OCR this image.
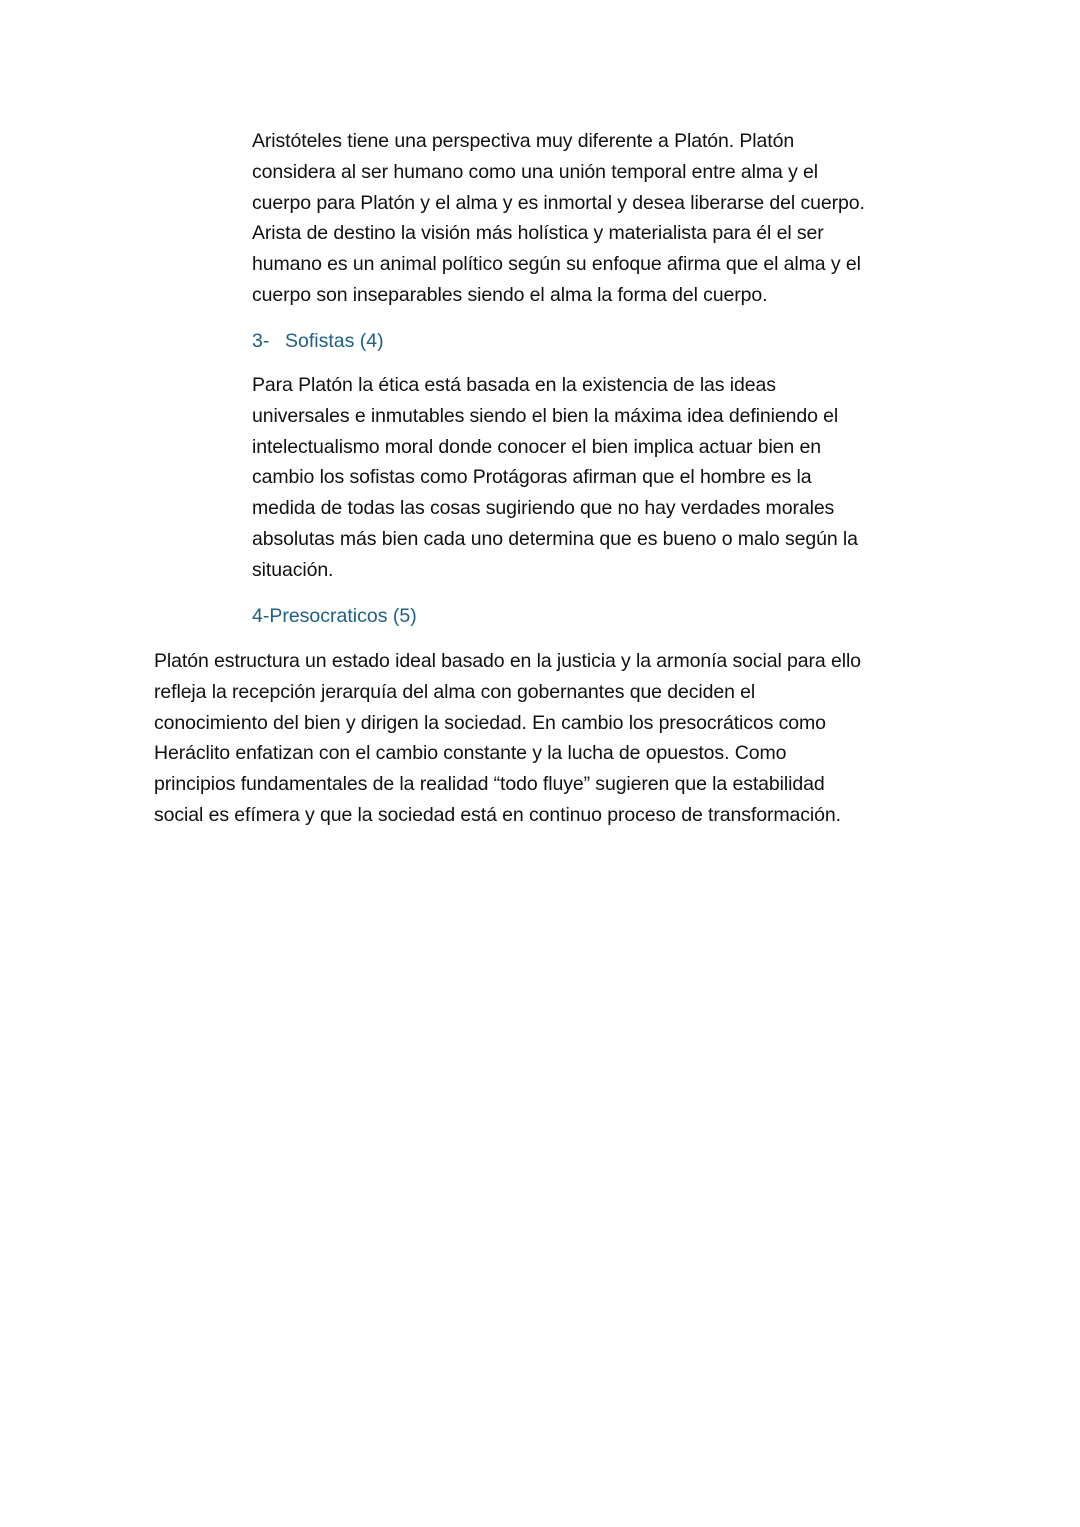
Aristóteles tiene una perspectiva muy diferente a Platón. Platón
considera al ser humano como una unión temporal entre alma y el
cuerpo para Platón y el alma y es inmortal y desea liberarse del cuerpo.
Arista de destino la visión más holística y materialista para él el ser
humano es un animal político según su enfoque afirma que el alma y el
cuerpo son inseparables siendo el alma la forma del cuerpo.
3- Sofistas (4)
Para Platón la ética está basada en la existencia de las ideas
universales e inmutables siendo el bien la máxima idea definiendo el
intelectualismo moral donde conocer el bien implica actuar bien en
cambio los sofistas como Protágoras afirman que el hombre es la
medida de todas las cosas sugiriendo que no hay verdades morales
absolutas más bien cada uno determina que es bueno o malo según la
situación.
4-Presocraticos (5)
Platón estructura un estado ideal basado en la justicia y la armonía social para ello
refleja la recepción jerarquía del alma con gobernantes que deciden el
conocimiento del bien y dirigen la sociedad. En cambio los presocráticos como
Heráclito enfatizan con el cambio constante y la lucha de opuestos. Como
principios fundamentales de la realidad “todo fluye” sugieren que la estabilidad
social es efímera y que la sociedad está en continuo proceso de transformación.
